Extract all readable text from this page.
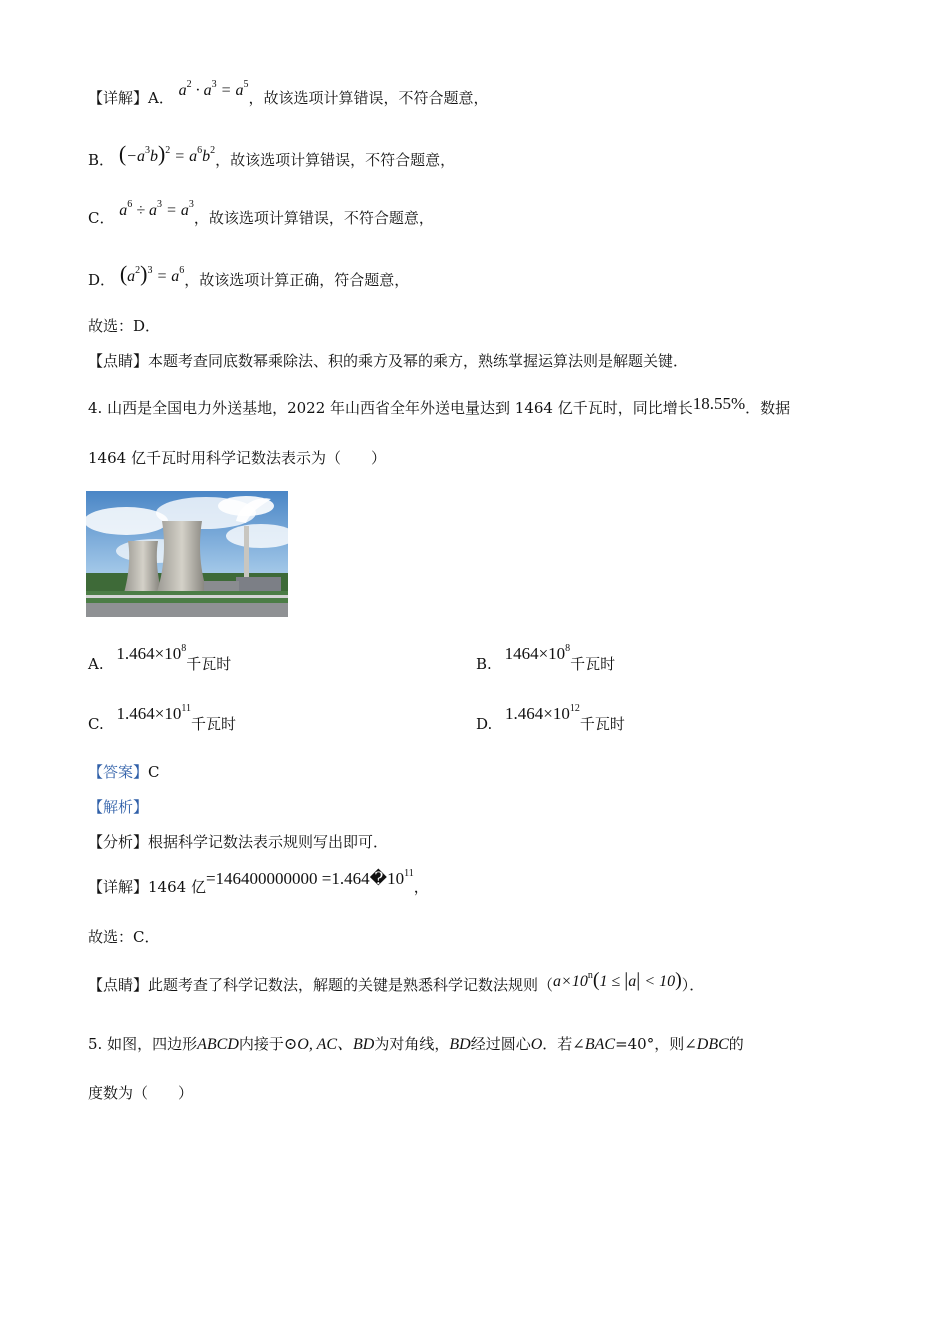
【详解】A． $a^2 \cdot a^3 = a^5$，故该选项计算错误，不符合题意，
B． $(-a^3b)^2 = a^6b^2$，故该选项计算错误，不符合题意，
C． $a^6 \div a^3 = a^3$，故该选项计算错误，不符合题意，
D． $(a^2)^3 = a^6$，故该选项计算正确，符合题意，
故选：D．
【点睛】本题考查同底数幂乘除法、积的乘方及幂的乘方，熟练掌握运算法则是解题关键．
4. 山西是全国电力外送基地，2022 年山西省全年外送电量达到 1464 亿千瓦时，同比增长18.55%．数据
1464 亿千瓦时用科学记数法表示为（　　）
A. $1.464\times 10^8$千瓦时	B. $1464\times 10^8$千瓦时
C. $1.464\times 10^{11}$千瓦时	D. $1.464\times 10^{12}$千瓦时
【答案】C
【解析】
【分析】根据科学记数法表示规则写出即可．
【详解】1464 亿$=146400000000 =1.464�10^{11}$，
故选：C．
【点睛】此题考查了科学记数法，解题的关键是熟悉科学记数法规则$(a\times 10^n(1 \le |a| < 10))$．
5. 如图，四边形ABCD内接于⊙O, AC、BD为对角线，BD经过圆心O．若∠BAC=40°，则∠DBC的
度数为（　　）
